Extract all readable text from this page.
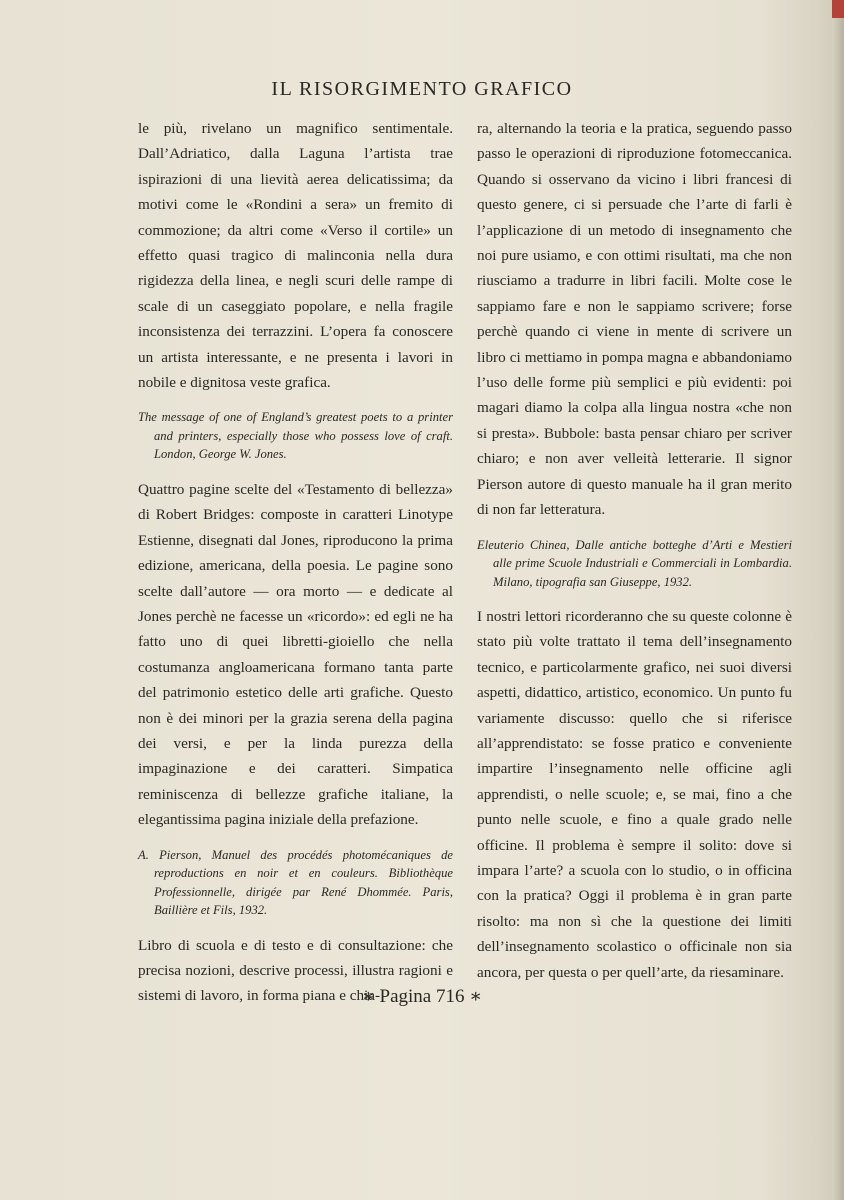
IL RISORGIMENTO GRAFICO

le più, rivelano un magnifico sentimentale. Dall’Adriatico, dalla Laguna l’artista trae ispirazioni di una lievità aerea delicatissima; da motivi come le «Rondini a sera» un fremito di commozione; da altri come «Verso il cortile» un effetto quasi tragico di malinconia nella dura rigidezza della linea, e negli scuri delle rampe di scale di un caseggiato popolare, e nella fragile inconsistenza dei terrazzini. L’opera fa conoscere un artista interessante, e ne presenta i lavori in nobile e dignitosa veste grafica.

The message of one of England’s greatest poets to a printer and printers, especially those who possess love of craft. London, George W. Jones.

Quattro pagine scelte del «Testamento di bellezza» di Robert Bridges: composte in caratteri Linotype Estienne, disegnati dal Jones, riproducono la prima edizione, americana, della poesia. Le pagine sono scelte dall’autore — ora morto — e dedicate al Jones perchè ne facesse un «ricordo»: ed egli ne ha fatto uno di quei libretti-gioiello che nella costumanza angloamericana formano tanta parte del patrimonio estetico delle arti grafiche. Questo non è dei minori per la grazia serena della pagina dei versi, e per la linda purezza della impaginazione e dei caratteri. Simpatica reminiscenza di bellezze grafiche italiane, la elegantissima pagina iniziale della prefazione.

A. Pierson, Manuel des procédés photomécaniques de reproductions en noir et en couleurs. Bibliothèque Professionnelle, dirigée par René Dhommée. Paris, Baillière et Fils, 1932.

Libro di scuola e di testo e di consultazione: che precisa nozioni, descrive processi, illustra ragioni e sistemi di lavoro, in forma piana e chia-

ra, alternando la teoria e la pratica, seguendo passo passo le operazioni di riproduzione fotomeccanica. Quando si osservano da vicino i libri francesi di questo genere, ci si persuade che l’arte di farli è l’applicazione di un metodo di insegnamento che noi pure usiamo, e con ottimi risultati, ma che non riusciamo a tradurre in libri facili. Molte cose le sappiamo fare e non le sappiamo scrivere; forse perchè quando ci viene in mente di scrivere un libro ci mettiamo in pompa magna e abbandoniamo l’uso delle forme più semplici e più evidenti: poi magari diamo la colpa alla lingua nostra «che non si presta». Bubbole: basta pensar chiaro per scriver chiaro; e non aver velleità letterarie. Il signor Pierson autore di questo manuale ha il gran merito di non far letteratura.

Eleuterio Chinea, Dalle antiche botteghe d’Arti e Mestieri alle prime Scuole Industriali e Commerciali in Lombardia. Milano, tipografia san Giuseppe, 1932.

I nostri lettori ricorderanno che su queste colonne è stato più volte trattato il tema dell’insegnamento tecnico, e particolarmente grafico, nei suoi diversi aspetti, didattico, artistico, economico. Un punto fu variamente discusso: quello che si riferisce all’apprendistato: se fosse pratico e conveniente impartire l’insegnamento nelle officine agli apprendisti, o nelle scuole; e, se mai, fino a che punto nelle scuole, e fino a quale grado nelle officine. Il problema è sempre il solito: dove si impara l’arte? a scuola con lo studio, o in officina con la pratica? Oggi il problema è in gran parte risolto: ma non sì che la questione dei limiti dell’insegnamento scolastico o officinale non sia ancora, per questa o per quell’arte, da riesaminare.

∗ Pagina 716 ∗
